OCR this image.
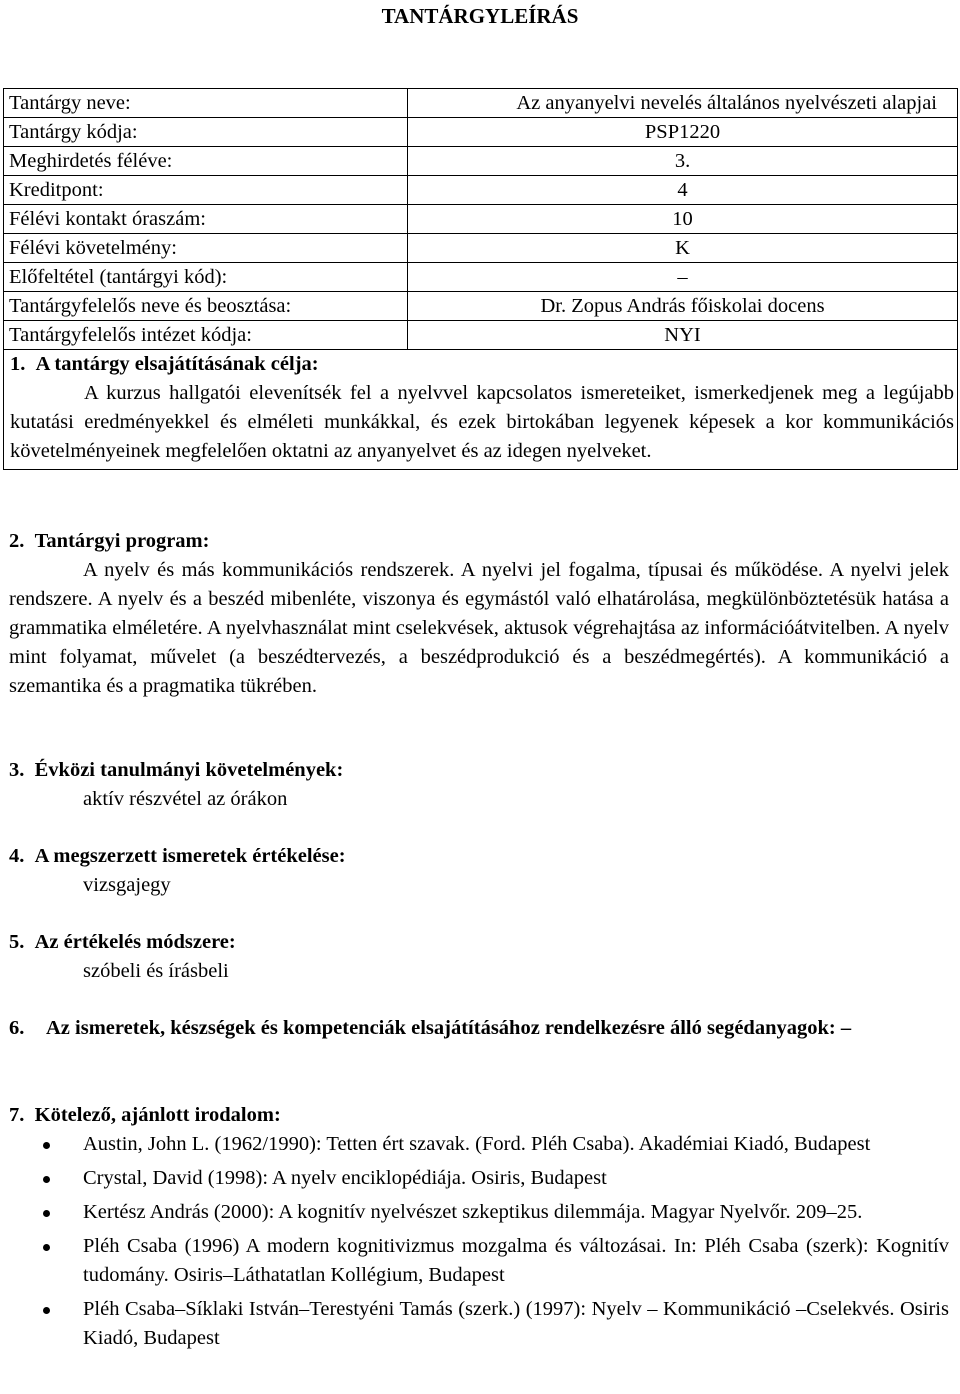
TANTÁRGYLEÍRÁS
Tantárgy neve:	Az anyanyelvi nevelés általános nyelvészeti alapjai
Tantárgy kódja:	PSP1220
Meghirdetés féléve:	3.
Kreditpont:	4
Félévi kontakt óraszám:	10
Félévi követelmény:	K
Előfeltétel (tantárgyi kód):	–
Tantárgyfelelős neve és beosztása:	Dr. Zopus András főiskolai docens
Tantárgyfelelős intézet kódja:	NYI

1. A tantárgy elsajátításának célja:
A kurzus hallgatói elevenítsék fel a nyelvvel kapcsolatos ismereteiket, ismerkedjenek meg a legújabb kutatási eredményekkel és elméleti munkákkal, és ezek birtokában legyenek képesek a kor kommunikációs követelményeinek megfelelően oktatni az anyanyelvet és az idegen nyelveket.	
2. Tantárgyi program:
A nyelv és más kommunikációs rendszerek. A nyelvi jel fogalma, típusai és működése. A nyelvi jelek rendszere. A nyelv és a beszéd mibenléte, viszonya és egymástól való elhatárolása, megkülönböztetésük hatása a grammatika elméletére. A nyelvhasználat mint cselekvések, aktusok végrehajtása az információátvitelben. A nyelv mint folyamat, művelet (a beszédtervezés, a beszédprodukció és a beszédmegértés). A kommunikáció a szemantika és a pragmatika tükrében.
3. Évközi tanulmányi követelmények:
aktív részvétel az órákon
4. A megszerzett ismeretek értékelése:
vizsgajegy
5. Az értékelés módszere:
szóbeli és írásbeli
6.	Az ismeretek, készségek és kompetenciák elsajátításához rendelkezésre álló segédanyagok: –
7. Kötelező, ajánlott irodalom:
Austin, John L. (1962/1990): Tetten ért szavak. (Ford. Pléh Csaba). Akadémiai Kiadó, Budapest
Crystal, David (1998): A nyelv enciklopédiája. Osiris, Budapest
Kertész András (2000): A kognitív nyelvészet szkeptikus dilemmája. Magyar Nyelvőr. 209–25.
Pléh Csaba (1996) A modern kognitivizmus mozgalma és változásai. In: Pléh Csaba (szerk): Kognitív tudomány. Osiris–Láthatatlan Kollégium, Budapest
Pléh Csaba–Síklaki István–Terestyéni Tamás (szerk.) (1997): Nyelv – Kommunikáció –Cselekvés. Osiris Kiadó, Budapest
